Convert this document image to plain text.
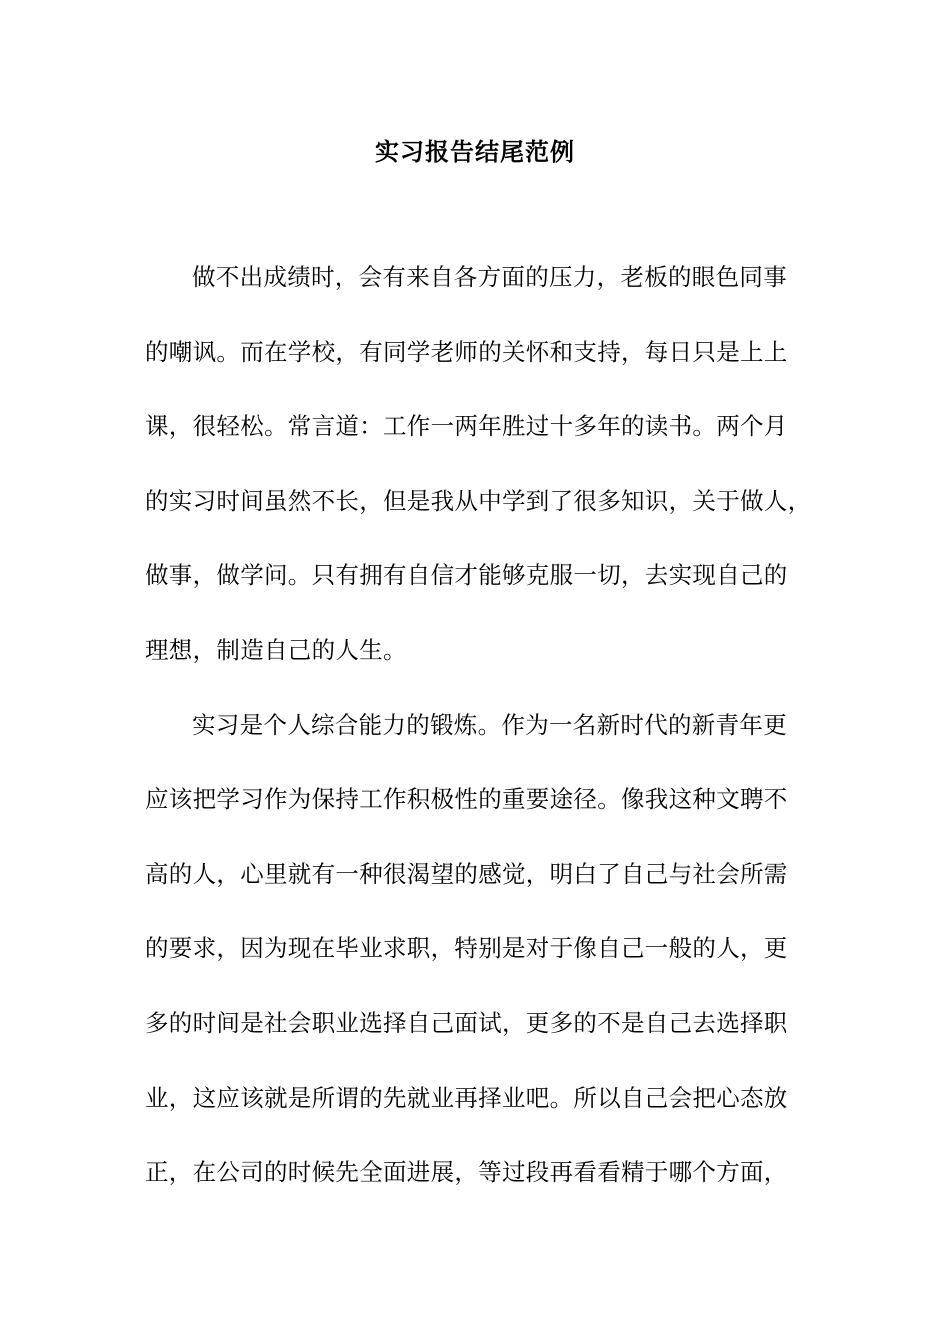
实习报告结尾范例
做不出成绩时，会有来自各方面的压力，老板的眼色同事
的嘲讽。而在学校，有同学老师的关怀和支持，每日只是上上
课，很轻松。常言道：工作一两年胜过十多年的读书。两个月
的实习时间虽然不长，但是我从中学到了很多知识，关于做人，
做事，做学问。只有拥有自信才能够克服一切，去实现自己的
理想，制造自己的人生。
实习是个人综合能力的锻炼。作为一名新时代的新青年更
应该把学习作为保持工作积极性的重要途径。像我这种文聘不
高的人，心里就有一种很渴望的感觉，明白了自己与社会所需
的要求，因为现在毕业求职，特别是对于像自己一般的人，更
多的时间是社会职业选择自己面试，更多的不是自己去选择职
业，这应该就是所谓的先就业再择业吧。所以自己会把心态放
正，在公司的时候先全面进展，等过段再看看精于哪个方面，
